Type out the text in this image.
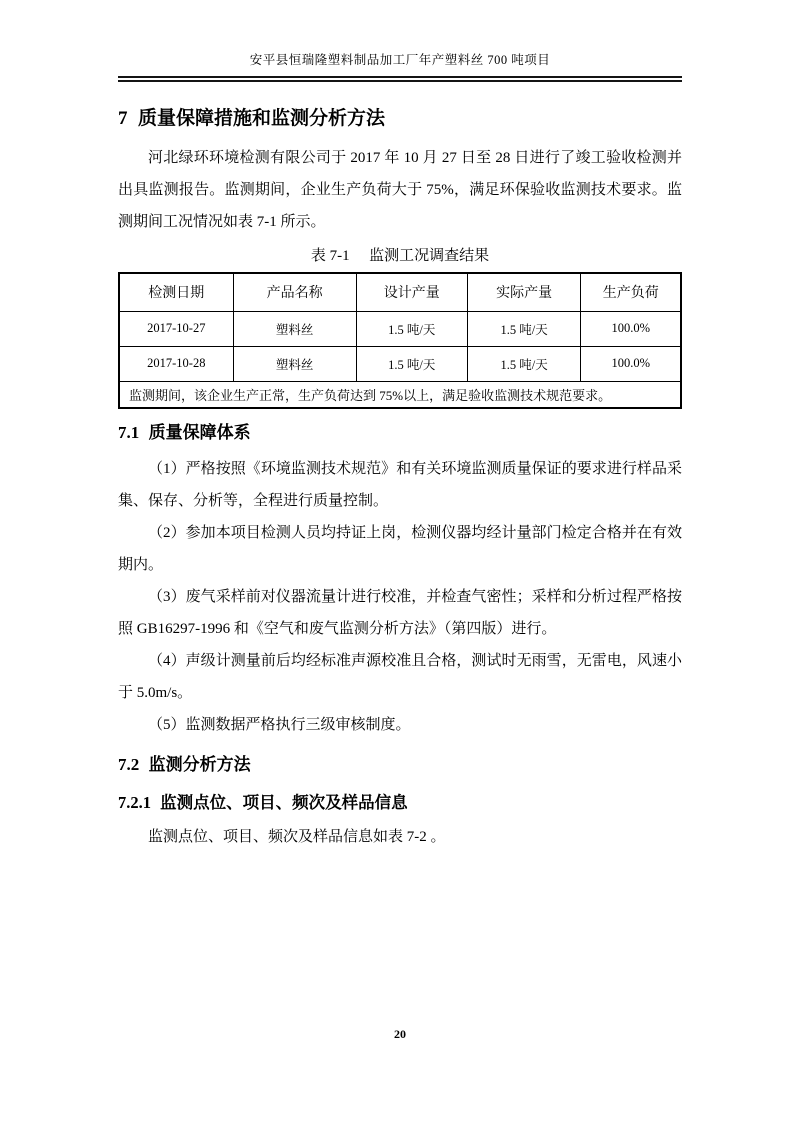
安平县恒瑞隆塑料制品加工厂年产塑料丝 700 吨项目
7 质量保障措施和监测分析方法

河北绿环环境检测有限公司于 2017 年 10 月 27 日至 28 日进行了竣工验收检测并出具监测报告。监测期间，企业生产负荷大于 75%，满足环保验收监测技术要求。监测期间工况情况如表 7-1 所示。

表 7-1 监测工况调查结果
检测日期	产品名称	设计产量	实际产量	生产负荷
2017-10-27	塑料丝	1.5 吨/天	1.5 吨/天	100.0%
2017-10-28	塑料丝	1.5 吨/天	1.5 吨/天	100.0%
监测期间，该企业生产正常，生产负荷达到 75%以上，满足验收监测技术规范要求。				
7.1 质量保障体系

（1）严格按照《环境监测技术规范》和有关环境监测质量保证的要求进行样品采集、保存、分析等，全程进行质量控制。

（2）参加本项目检测人员均持证上岗，检测仪器均经计量部门检定合格并在有效期内。

（3）废气采样前对仪器流量计进行校准，并检查气密性；采样和分析过程严格按照 GB16297-1996 和《空气和废气监测分析方法》（第四版）进行。

（4）声级计测量前后均经标准声源校准且合格，测试时无雨雪，无雷电，风速小于 5.0m/s。

（5）监测数据严格执行三级审核制度。

7.2 监测分析方法
7.2.1 监测点位、项目、频次及样品信息

监测点位、项目、频次及样品信息如表 7-2 。

20
